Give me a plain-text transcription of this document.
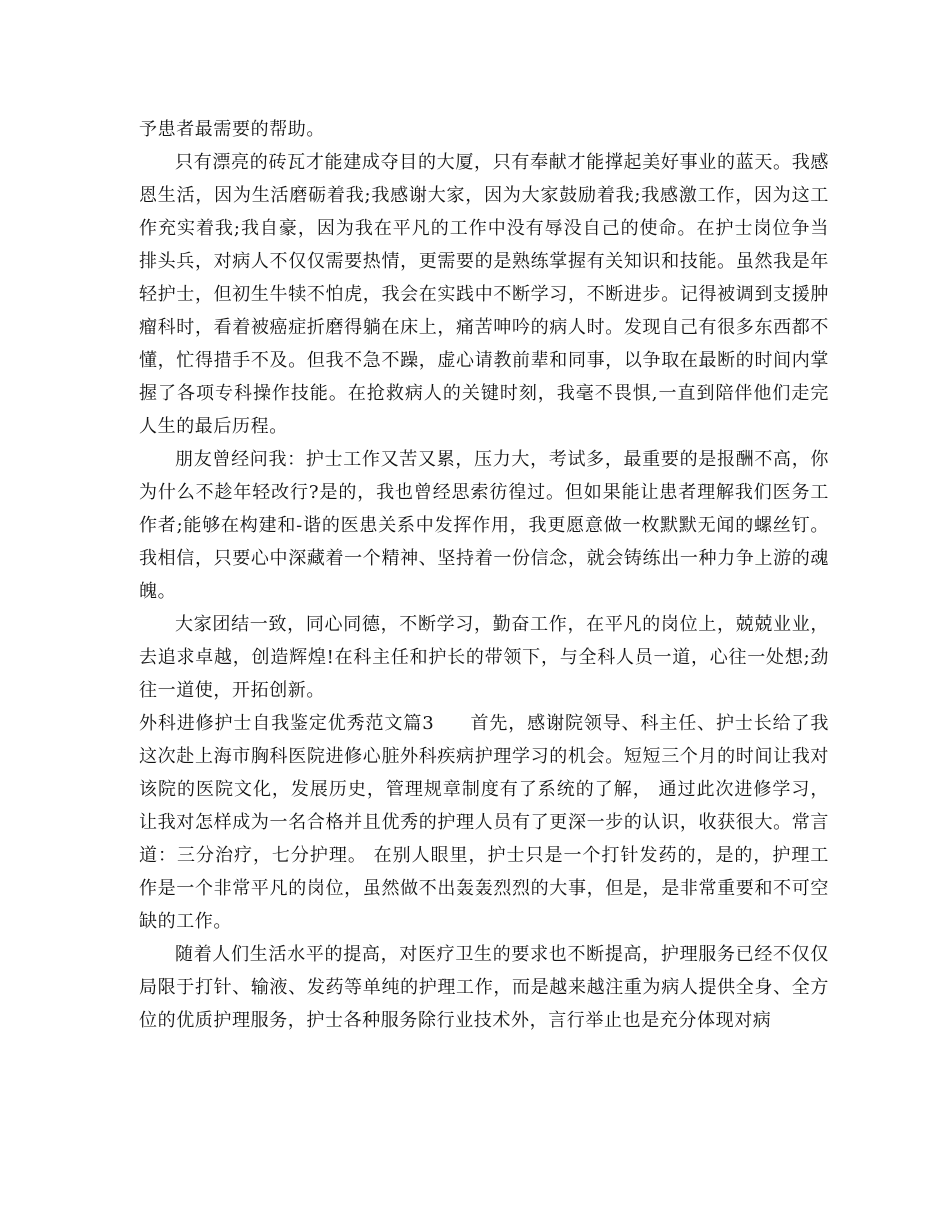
予患者最需要的帮助。

只有漂亮的砖瓦才能建成夺目的大厦，只有奉献才能撑起美好事业的蓝天。我感恩生活，因为生活磨砺着我;我感谢大家，因为大家鼓励着我;我感激工作，因为这工作充实着我;我自豪，因为我在平凡的工作中没有辱没自己的使命。在护士岗位争当排头兵，对病人不仅仅需要热情，更需要的是熟练掌握有关知识和技能。虽然我是年轻护士，但初生牛犊不怕虎，我会在实践中不断学习，不断进步。记得被调到支援肿瘤科时，看着被癌症折磨得躺在床上，痛苦呻吟的病人时。发现自己有很多东西都不懂，忙得措手不及。但我不急不躁，虚心请教前辈和同事，以争取在最断的时间内掌握了各项专科操作技能。在抢救病人的关键时刻，我毫不畏惧,一直到陪伴他们走完人生的最后历程。

朋友曾经问我：护士工作又苦又累，压力大，考试多，最重要的是报酬不高，你为什么不趁年轻改行?是的，我也曾经思索彷徨过。但如果能让患者理解我们医务工作者;能够在构建和-谐的医患关系中发挥作用，我更愿意做一枚默默无闻的螺丝钉。我相信，只要心中深藏着一个精神、坚持着一份信念，就会铸练出一种力争上游的魂魄。

大家团结一致，同心同德，不断学习，勤奋工作，在平凡的岗位上，兢兢业业，去追求卓越，创造辉煌!在科主任和护长的带领下，与全科人员一道，心往一处想;劲往一道使，开拓创新。

外科进修护士自我鉴定优秀范文篇3 首先，感谢院领导、科主任、护士长给了我这次赴上海市胸科医院进修心脏外科疾病护理学习的机会。短短三个月的时间让我对该院的医院文化，发展历史，管理规章制度有了系统的了解， 通过此次进修学习，让我对怎样成为一名合格并且优秀的护理人员有了更深一步的认识，收获很大。常言道：三分治疗，七分护理。 在别人眼里，护士只是一个打针发药的，是的，护理工作是一个非常平凡的岗位，虽然做不出轰轰烈烈的大事，但是，是非常重要和不可空缺的工作。

随着人们生活水平的提高，对医疗卫生的要求也不断提高，护理服务已经不仅仅局限于打针、输液、发药等单纯的护理工作，而是越来越注重为病人提供全身、全方位的优质护理服务，护士各种服务除行业技术外，言行举止也是充分体现对病
